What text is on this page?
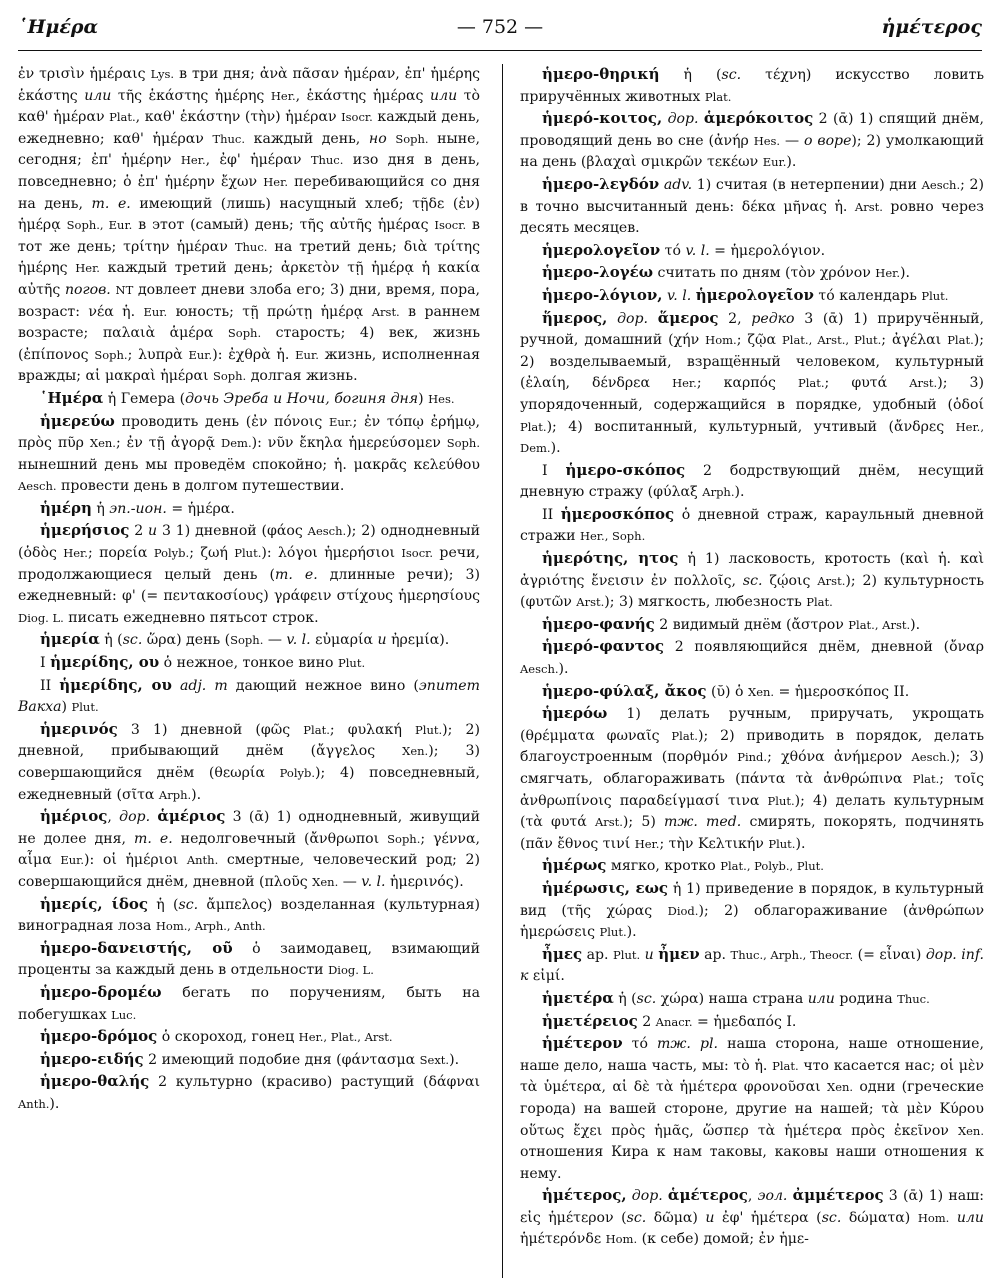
῾Ημέρα	— 752 —	ἡμέτερος

ἐν τρισὶν ἡμέραις Lys. в три дня; ἀνὰ πᾶσαν ἡμέραν, ἐπ' ἡμέρης ἑκάστης или τῆς ἑκάστης ἡμέρης Her., ἑκάστης ἡμέρας или τὸ καθ' ἡμέραν Plat., καθ' ἑκάστην (τὴν) ἡμέραν Isocr. каждый день, ежедневно; καθ' ἡμέραν Thuc. каждый день, но Soph. ныне, сегодня; ἐπ' ἡμέρην Her., ἐφ' ἡμέραν Thuc. изо дня в день, повседневно; ὁ ἐπ' ἡμέρην ἔχων Her. перебивающийся со дня на день, т. е. имеющий (лишь) насущный хлеб; τῇδε (ἐν) ἡμέρᾳ Soph., Eur. в этот (самый) день; τῆς αὐτῆς ἡμέρας Isocr. в тот же день; τρίτην ἡμέραν Thuc. на третий день; διὰ τρίτης ἡμέρης Her. каждый третий день; ἀρκετὸν τῇ ἡμέρᾳ ἡ κακία αὐτῆς погов. NT довлеет дневи злоба его; 3) дни, время, пора, возраст: νέα ἡ. Eur. юность; τῇ πρώτῃ ἡμέρᾳ Arst. в раннем возрасте; παλαιὰ ἁμέρα Soph. старость; 4) век, жизнь (ἐπίπονος Soph.; λυπρὰ Eur.): ἐχθρὰ ἡ. Eur. жизнь, исполненная вражды; αἱ μακραὶ ἡμέραι Soph. долгая жизнь.

῾Ημέρα ἡ Гемера (дочь Эреба и Ночи, богиня дня) Hes.

ἡμερεύω проводить день (ἐν πόνοις Eur.; ἐν τόπῳ ἐρήμῳ, πρὸς πῦρ Xen.; ἐν τῇ ἀγορᾷ Dem.): νῦν ἔκηλα ἡμερεύσομεν Soph. нынешний день мы проведём спокойно; ἡ. μακρᾶς κελεύθου Aesch. провести день в долгом путешествии.

ἡμέρη ἡ эп.-ион. = ἡμέρα.

ἡμερήσιος 2 и 3 1) дневной (φάος Aesch.); 2) однодневный (ὁδὸς Her.; πορεία Polyb.; ζωή Plut.): λόγοι ἡμερήσιοι Isocr. речи, продолжающиеся целый день (т. е. длинные речи); 3) ежедневный: φ' (= πεντακοσίους) γράφειν στίχους ἡμερησίους Diog. L. писать ежедневно пятьсот строк.

ἡμερία ἡ (sc. ὥρα) день (Soph. — v. l. εὐμαρία и ἠρεμία).

I ἡμερίδης, ου ὁ нежное, тонкое вино Plut.

II ἡμερίδης, ου adj. m дающий нежное вино (эпитет Вакха) Plut.

ἡμερινός 3 1) дневной (φῶς Plat.; φυλακή Plut.); 2) дневной, прибывающий днём (ἄγγελος Xen.); 3) совершающийся днём (θεωρία Polyb.); 4) повседневный, ежедневный (σῖτα Arph.).

ἡμέριος, дор. ἁμέριος 3 (ᾱ) 1) однодневный, живущий не долее дня, т. е. недолговечный (ἄνθρωποι Soph.; γέννα, αἷμα Eur.): οἱ ἡμέριοι Anth. смертные, человеческий род; 2) совершающийся днём, дневной (πλοῦς Xen. — v. l. ἡμερινός).

ἡμερίς, ίδος ἡ (sc. ἄμπελος) возделанная (культурная) виноградная лоза Hom., Arph., Anth.

ἡμερο-δανειστής, οῦ ὁ заимодавец, взимающий проценты за каждый день в отдельности Diog. L.

ἡμερο-δρομέω бегать по поручениям, быть на побегушках Luc.

ἡμερο-δρόμος ὁ скороход, гонец Her., Plat., Arst.

ἡμερο-ειδής 2 имеющий подобие дня (φάντασμα Sext.).

ἡμερο-θαλής 2 культурно (красиво) растущий (δάφναι Anth.).

ἡμερο-θηρική ἡ (sc. τέχνη) искусство ловить приручённых животных Plat.

ἡμερό-κοιτος, дор. ἁμερόκοιτος 2 (ᾱ) 1) спящий днём, проводящий день во сне (ἀνήρ Hes. — о воре); 2) умолкающий на день (βλαχαὶ σμικρῶν τεκέων Eur.).

ἡμερο-λεγδόν adv. 1) считая (в нетерпении) дни Aesch.; 2) в точно высчитанный день: δέκα μῆνας ἡ. Arst. ровно через десять месяцев.

ἡμερολογεῖον τό v. l. = ἡμερολόγιον.

ἡμερο-λογέω считать по дням (τὸν χρόνον Her.).

ἡμερο-λόγιον, v. l. ἡμερολογεῖον τό календарь Plut.

ἥμερος, дор. ἅμερος 2, редко 3 (ᾱ) 1) приручённый, ручной, домашний (χήν Hom.; ζῷα Plat., Arst., Plut.; ἀγέλαι Plat.); 2) возделываемый, взращённый человеком, культурный (ἐλαίη, δένδρεα Her.; καρπός Plat.; φυτά Arst.); 3) упорядоченный, содержащийся в порядке, удобный (ὁδοί Plat.); 4) воспитанный, культурный, учтивый (ἄνδρες Her., Dem.).

I ἡμερο-σκόπος 2 бодрствующий днём, несущий дневную стражу (φύλαξ Arph.).

II ἡμεροσκόπος ὁ дневной страж, караульный дневной стражи Her., Soph.

ἡμερότης, ητος ἡ 1) ласковость, кротость (καὶ ἡ. καὶ ἀγριότης ἔνεισιν ἐν πολλοῖς, sc. ζῴοις Arst.); 2) культурность (φυτῶν Arst.); 3) мягкость, любезность Plat.

ἡμερο-φανής 2 видимый днём (ἄστρον Plat., Arst.).

ἡμερό-φαντος 2 появляющийся днём, дневной (ὄναρ Aesch.).

ἡμερο-φύλαξ, ἄκος (ῠ) ὁ Xen. = ἡμεροσκόπος II.

ἡμερόω 1) делать ручным, приручать, укрощать (θρέμματα φωναῖς Plat.); 2) приводить в порядок, делать благоустроенным (πορθμόν Pind.; χθόνα ἀνήμερον Aesch.); 3) смягчать, облагораживать (πάντα τὰ ἀνθρώπινα Plat.; τοῖς ἀνθρωπίνοις παραδείγμασί τινα Plut.); 4) делать культурным (τὰ φυτά Arst.); 5) тж. med. смирять, покорять, подчинять (πᾶν ἔθνος τινί Her.; τὴν Κελτικήν Plut.).

ἡμέρως мягко, кротко Plat., Polyb., Plut.

ἡμέρωσις, εως ἡ 1) приведение в порядок, в культурный вид (τῆς χώρας Diod.); 2) облагораживание (ἀνθρώπων ἡμερώσεις Plut.).

ἦμες ap. Plut. и ἦμεν ap. Thuc., Arph., Theocr. (= εἶναι) дор. inf. к εἰμί.

ἡμετέρα ἡ (sc. χώρα) наша страна или родина Thuc.

ἡμετέρειος 2 Anacr. = ἡμεδαπός I.

ἡμέτερον τό тж. pl. наша сторона, наше отношение, наше дело, наша часть, мы: τὸ ἡ. Plat. что касается нас; οἱ μὲν τὰ ὑμέτερα, αἱ δὲ τὰ ἡμέτερα φρονοῦσαι Xen. одни (греческие города) на вашей стороне, другие на нашей; τὰ μὲν Κύρου οὕτως ἔχει πρὸς ἡμᾶς, ὥσπερ τὰ ἡμέτερα πρὸς ἐκεῖνον Xen. отношения Кира к нам таковы, каковы наши отношения к нему.

ἡμέτερος, дор. ἁμέτερος, эол. ἀμμέτερος 3 (ᾱ) 1) наш: εἰς ἡμέτερον (sc. δῶμα) и ἐφ' ἡμέτερα (sc. δώματα) Hom. или ἡμέτερόνδε Hom. (к себе) домой; ἐν ἡμε-
